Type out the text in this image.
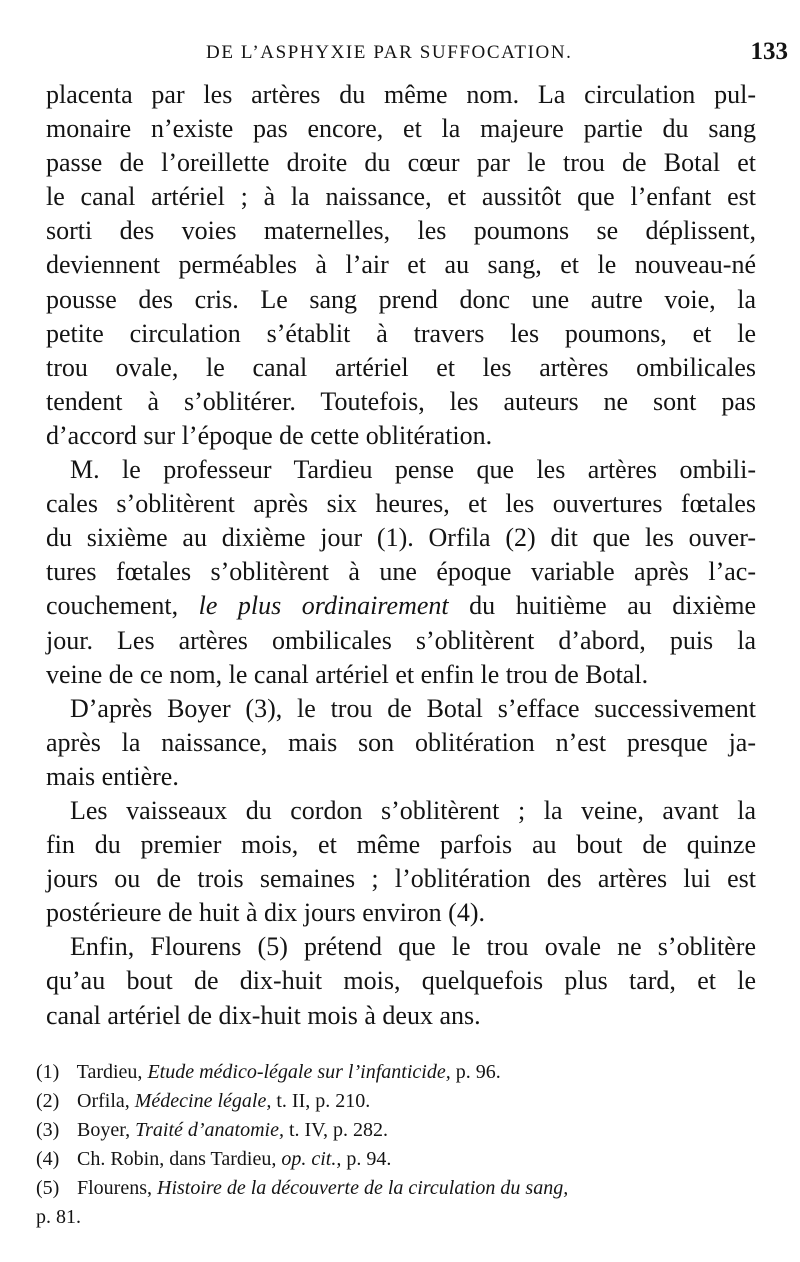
DE L’ASPHYXIE PAR SUFFOCATION.	133

placenta par les artères du même nom. La circulation pul-
monaire n’existe pas encore, et la majeure partie du sang
passe de l’oreillette droite du cœur par le trou de Botal et
le canal artériel ; à la naissance, et aussitôt que l’enfant est
sorti des voies maternelles, les poumons se déplissent,
deviennent perméables à l’air et au sang, et le nouveau-né
pousse des cris. Le sang prend donc une autre voie, la
petite circulation s’établit à travers les poumons, et le
trou ovale, le canal artériel et les artères ombilicales
tendent à s’oblitérer. Toutefois, les auteurs ne sont pas
d’accord sur l’époque de cette oblitération.

M. le professeur Tardieu pense que les artères ombili-
cales s’oblitèrent après six heures, et les ouvertures fœtales
du sixième au dixième jour (1). Orfila (2) dit que les ouver-
tures fœtales s’oblitèrent à une époque variable après l’ac-
couchement, le plus ordinairement du huitième au dixième
jour. Les artères ombilicales s’oblitèrent d’abord, puis la
veine de ce nom, le canal artériel et enfin le trou de Botal.

D’après Boyer (3), le trou de Botal s’efface successivement
après la naissance, mais son oblitération n’est presque ja-
mais entière.

Les vaisseaux du cordon s’oblitèrent ; la veine, avant la
fin du premier mois, et même parfois au bout de quinze
jours ou de trois semaines ; l’oblitération des artères lui est
postérieure de huit à dix jours environ (4).

Enfin, Flourens (5) prétend que le trou ovale ne s’oblitère
qu’au bout de dix-huit mois, quelquefois plus tard, et le
canal artériel de dix-huit mois à deux ans.

(1) Tardieu, Etude médico-légale sur l’infanticide, p. 96.
(2) Orfila, Médecine légale, t. II, p. 210.
(3) Boyer, Traité d’anatomie, t. IV, p. 282.
(4) Ch. Robin, dans Tardieu, op. cit., p. 94.
(5) Flourens, Histoire de la découverte de la circulation du sang,
p. 81.
